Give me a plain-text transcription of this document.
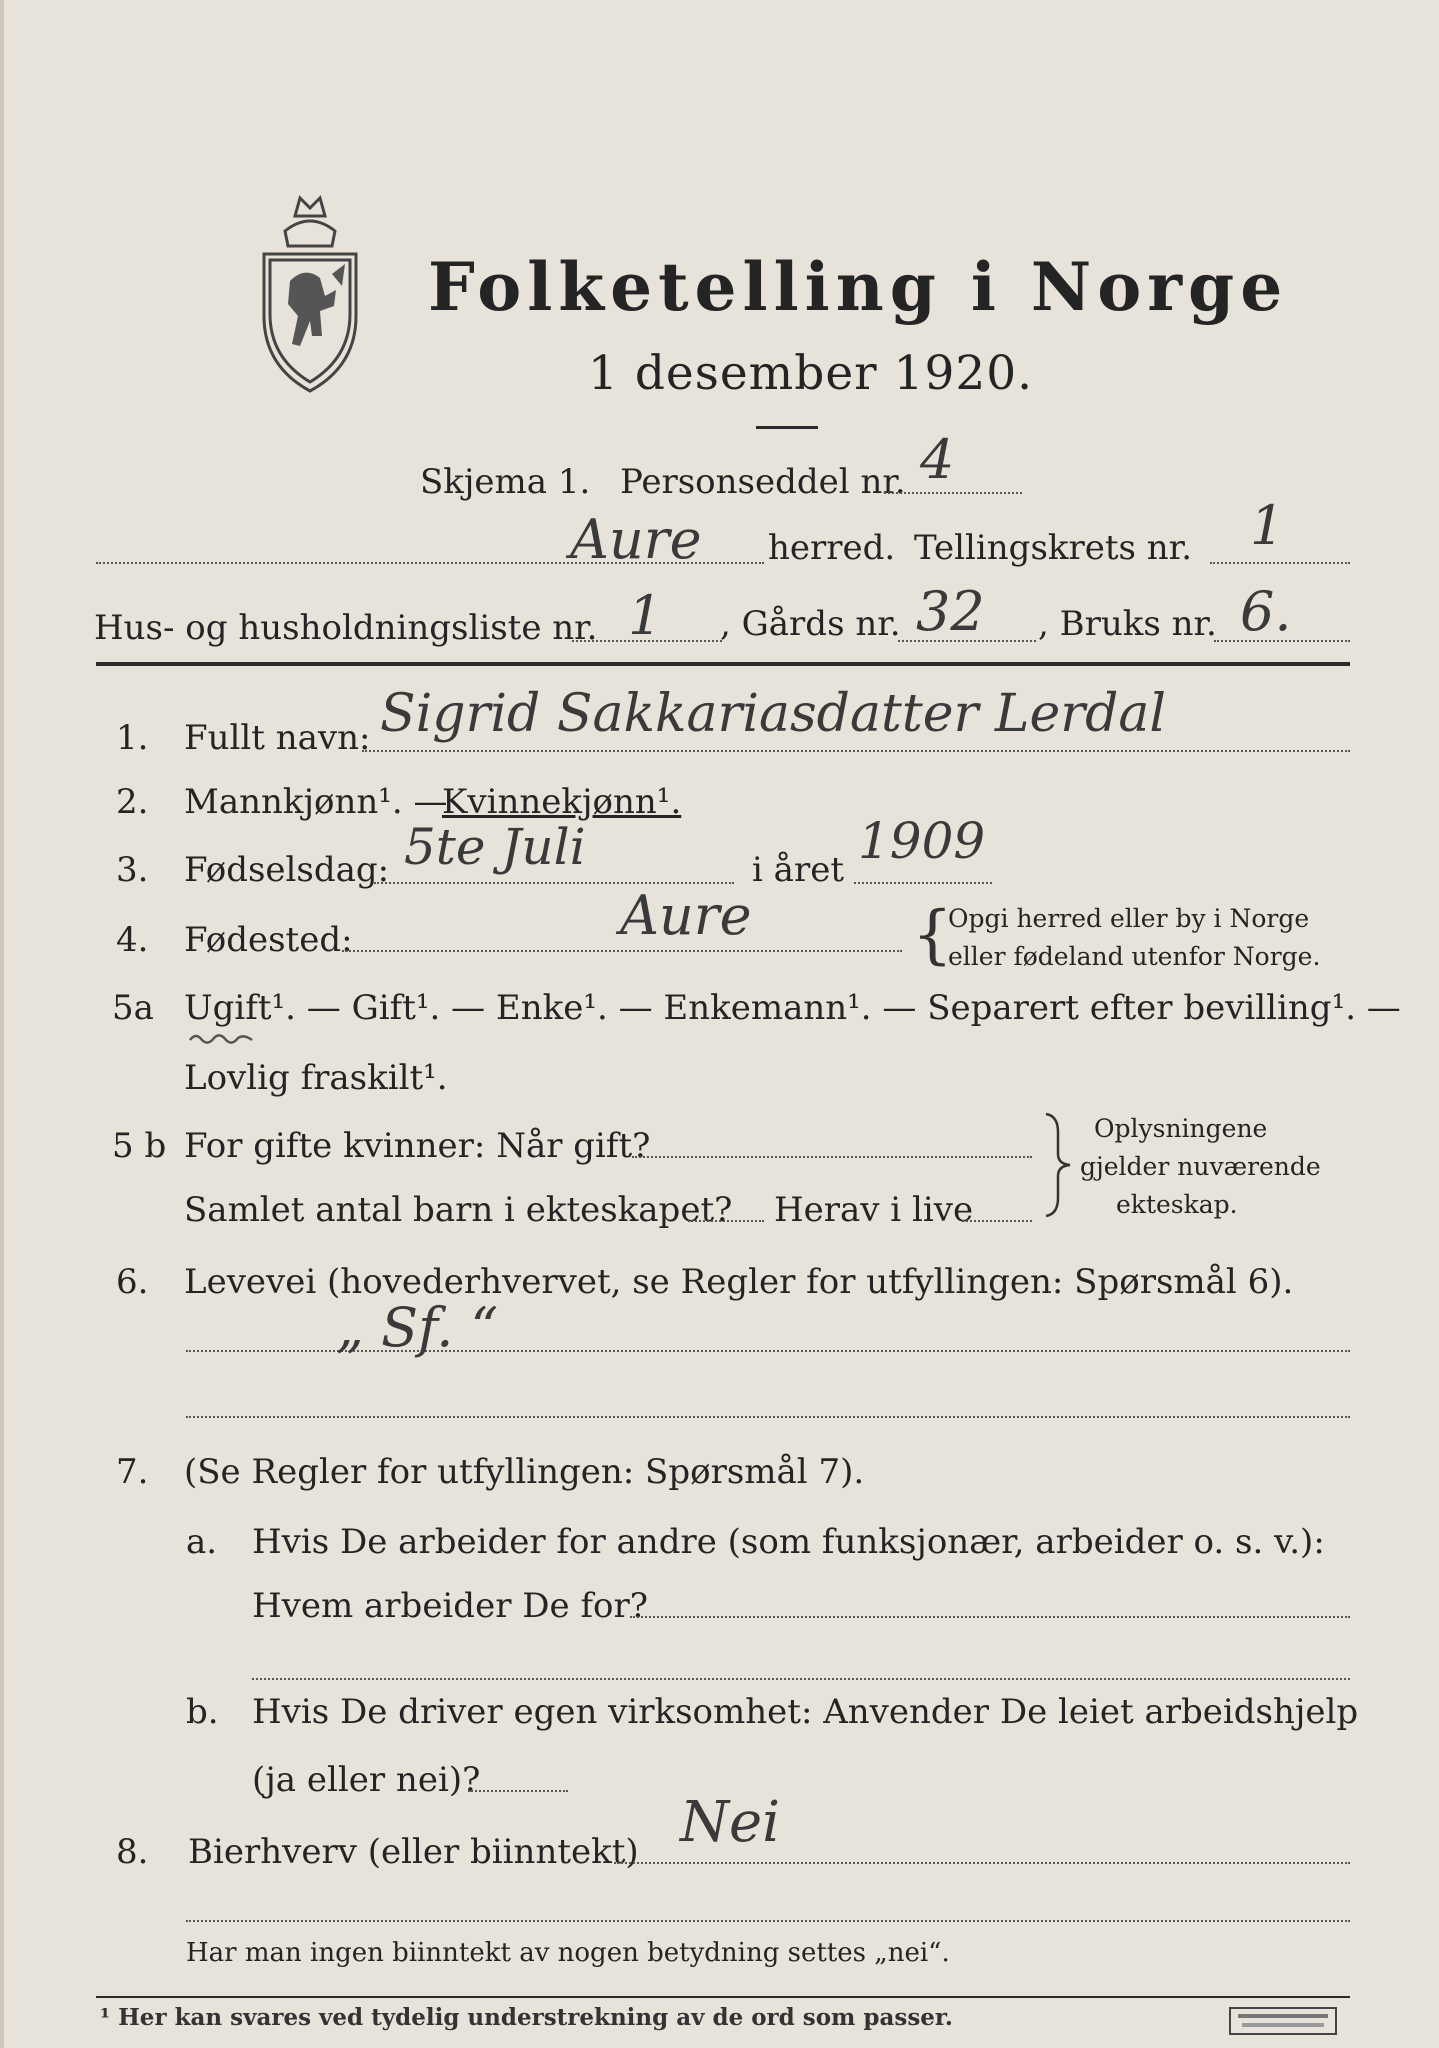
Folketelling i Norge
1 desember 1920.
Skjema 1. Personseddel nr. 4
Aure herred. Tellingskrets nr. 1
Hus- og husholdningsliste nr. 1 , Gårds nr. 32 , Bruks nr. 6.
1. Fullt navn: Sigrid Sakkariasdatter Lerdal
2. Mannkjønn¹. —
Kvinnekjønn¹.
3. Fødselsdag: 5te Juli	i året 1909
4. Fødested:	Aure	{
Opgi herred eller by i Norge
eller fødeland utenfor Norge.
5a Ugift¹. — Gift¹. — Enke¹. — Enkemann¹. — Separert efter bevilling¹. —
Lovlig fraskilt¹.
5 b For gifte kvinner: Når gift?
Samlet antal barn i ekteskapet? Herav i live
Oplysningene
gjelder nuværende
ekteskap.
6. Levevei (hovederhvervet, se Regler for utfyllingen: Spørsmål 6).
„ Sf. “
7. (Se Regler for utfyllingen: Spørsmål 7).
a. Hvis De arbeider for andre (som funksjonær, arbeider o. s. v.):
Hvem arbeider De for?
b. Hvis De driver egen virksomhet: Anvender De leiet arbeidshjelp
(ja eller nei)?
8. Bierhverv (eller biinntekt) Nei
Har man ingen biinntekt av nogen betydning settes „nei“.
¹ Her kan svares ved tydelig understrekning av de ord som passer.
